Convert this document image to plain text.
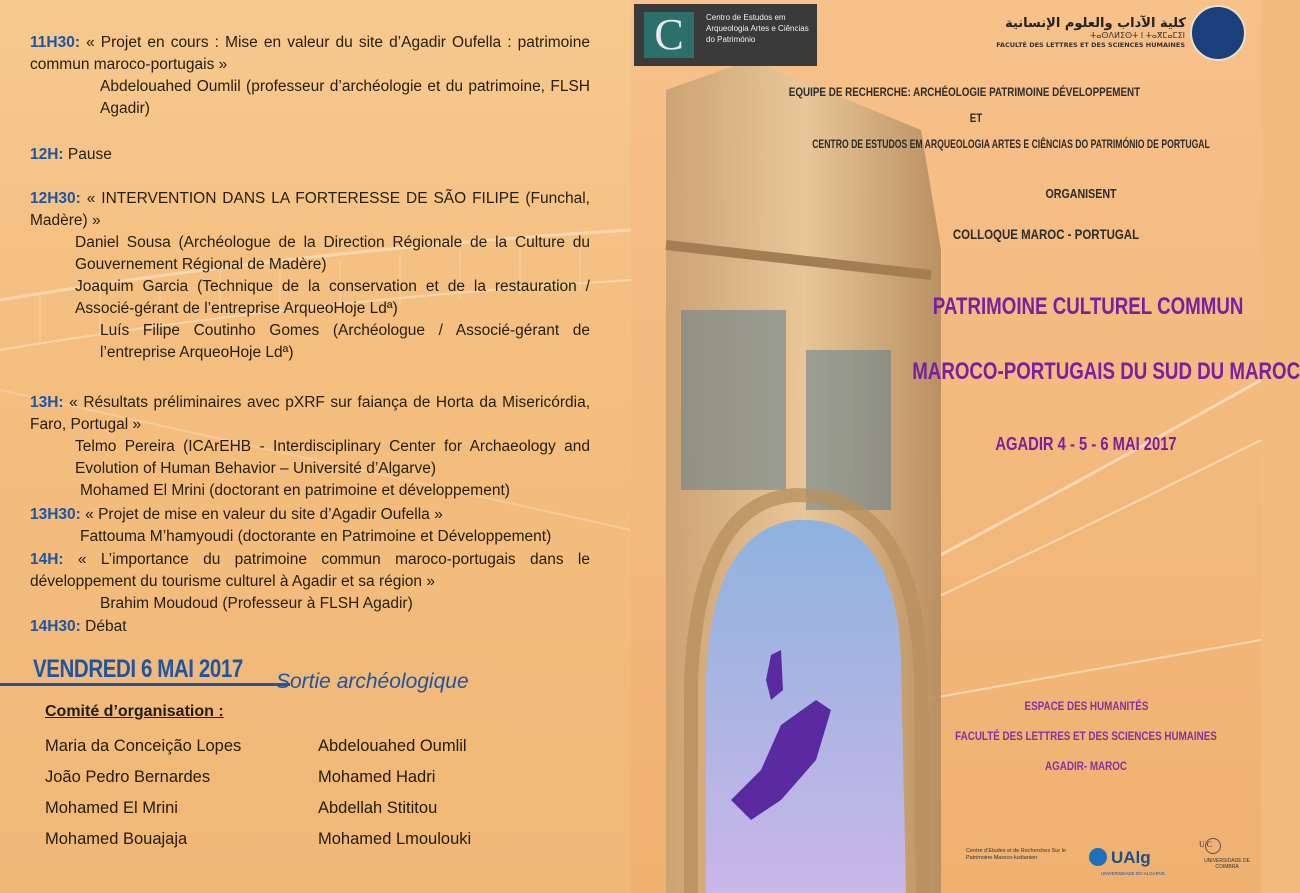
11H30: « Projet en cours : Mise en valeur du site d’Agadir Oufella : patrimoine commun maroco-portugais »

Abdelouahed Oumlil (professeur d’archéologie et du patrimoine, FLSH Agadir)

12H: Pause

12H30: « INTERVENTION DANS LA FORTERESSE DE SÃO FILIPE (Funchal, Madère) »

Daniel Sousa (Archéologue de la Direction Régionale de la Culture du Gouvernement Régional de Madère)

Joaquim Garcia (Technique de la conservation et de la restauration / Associé-gérant de l’entreprise ArqueoHoje Ldª)

Luís Filipe Coutinho Gomes (Archéologue / Associé-gérant de l’entreprise ArqueoHoje Ldª)

13H: « Résultats préliminaires avec pXRF sur faiança de Horta da Misericórdia, Faro, Portugal »

Telmo Pereira (ICArEHB - Interdisciplinary Center for Archaeology and Evolution of Human Behavior – Université d’Algarve)

Mohamed El Mrini (doctorant en patrimoine et développement)

13H30: « Projet de mise en valeur du site d’Agadir Oufella »

Fattouma M’hamyoudi (doctorante en Patrimoine et Développement)

14H: « L’importance du patrimoine commun maroco-portugais dans le développement du tourisme culturel à Agadir et sa région »

Brahim Moudoud (Professeur à FLSH Agadir)

14H30: Débat

VENDREDI 6 MAI 2017 Sortie archéologique
Comité d’organisation :
Maria da Conceição Lopes	Abdelouahed Oumlil
João Pedro Bernardes	Mohamed Hadri
Mohamed El Mrini	Abdellah Stititou
Mohamed Bouajaja	Mohamed Lmoulouki
C	Centro de Estudos em Arqueologia Artes e Ciências do Património
كلية الآداب والعلوم الإنسانية
ⵜⴰⵙⴷⵍⵉⵙⵜ ⵏ ⵜⴰⴳⵎⴰⵎⵉⵏ
FACULTÉ DES LETTRES ET DES SCIENCES HUMAINES
EQUIPE DE RECHERCHE: ARCHÉOLOGIE PATRIMOINE DÉVELOPPEMENT
ET
CENTRO DE ESTUDOS EM ARQUEOLOGIA ARTES E CIÊNCIAS DO PATRIMÓNIO DE PORTUGAL
ORGANISENT
COLLOQUE MAROC - PORTUGAL
PATRIMOINE CULTUREL COMMUN
MAROCO-PORTUGAIS DU SUD DU MAROC
AGADIR 4 - 5 - 6 MAI 2017
ESPACE DES HUMANITÉS
FACULTÉ DES LETTRES ET DES SCIENCES HUMAINES
AGADIR- MAROC
Centre d’Etudes et de Recherches Sur le Patrimoine Maroco-lusitanien	UAlg
UNIVERSIDADE DO ALGARVE
U C
UNIVERSIDADE DE COIMBRA
